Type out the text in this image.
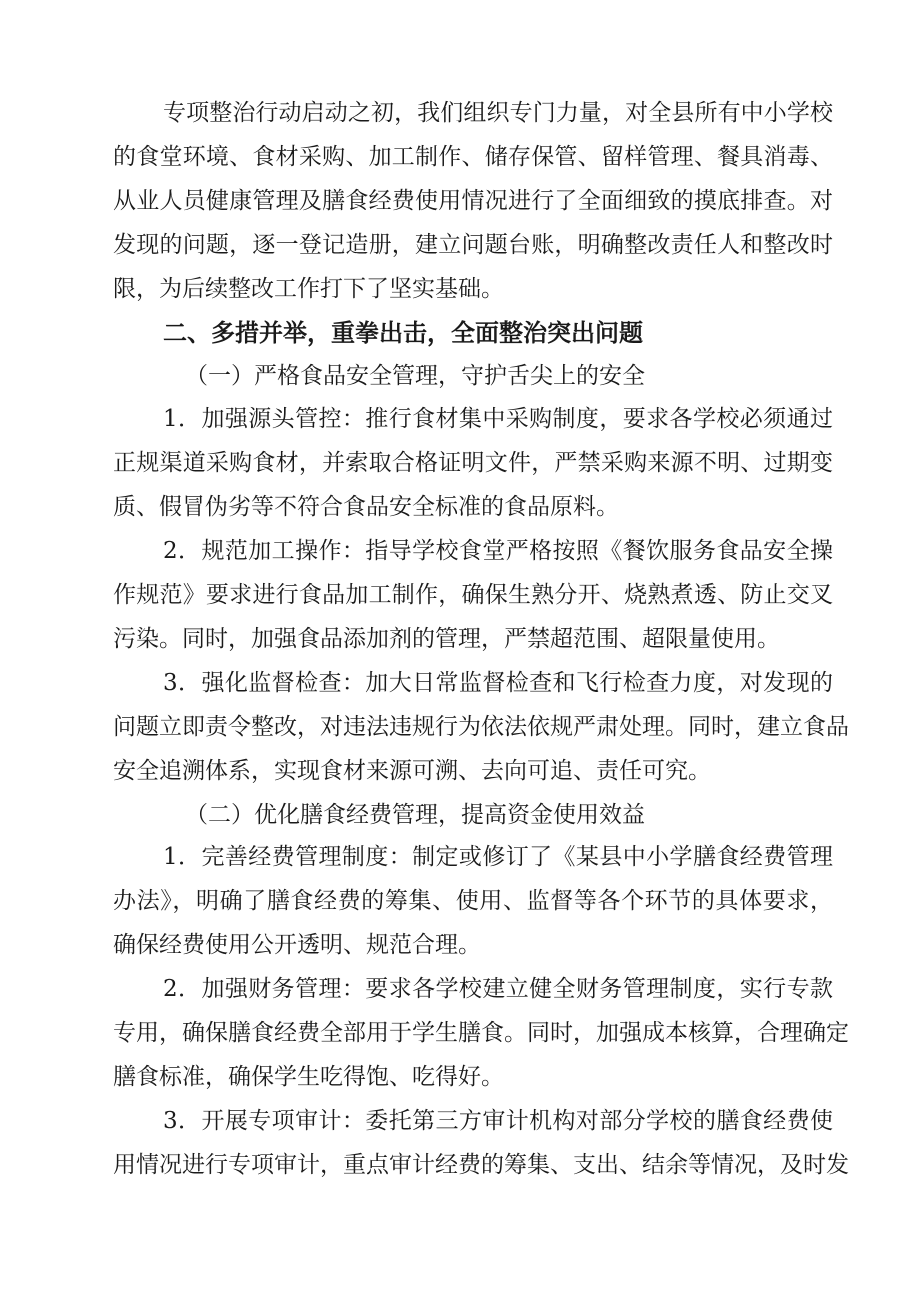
专项整治行动启动之初，我们组织专门力量，对全县所有中小学校
的食堂环境、食材采购、加工制作、储存保管、留样管理、餐具消毒、
从业人员健康管理及膳食经费使用情况进行了全面细致的摸底排查。对
发现的问题，逐一登记造册，建立问题台账，明确整改责任人和整改时
限，为后续整改工作打下了坚实基础。
二、多措并举，重拳出击，全面整治突出问题
（一）严格食品安全管理，守护舌尖上的安全
1．加强源头管控：推行食材集中采购制度，要求各学校必须通过
正规渠道采购食材，并索取合格证明文件，严禁采购来源不明、过期变
质、假冒伪劣等不符合食品安全标准的食品原料。
2．规范加工操作：指导学校食堂严格按照《餐饮服务食品安全操
作规范》要求进行食品加工制作，确保生熟分开、烧熟煮透、防止交叉
污染。同时，加强食品添加剂的管理，严禁超范围、超限量使用。
3．强化监督检查：加大日常监督检查和飞行检查力度，对发现的
问题立即责令整改，对违法违规行为依法依规严肃处理。同时，建立食品
安全追溯体系，实现食材来源可溯、去向可追、责任可究。
（二）优化膳食经费管理，提高资金使用效益
1．完善经费管理制度：制定或修订了《某县中小学膳食经费管理
办法》，明确了膳食经费的筹集、使用、监督等各个环节的具体要求，
确保经费使用公开透明、规范合理。
2．加强财务管理：要求各学校建立健全财务管理制度，实行专款
专用，确保膳食经费全部用于学生膳食。同时，加强成本核算，合理确定
膳食标准，确保学生吃得饱、吃得好。
3．开展专项审计：委托第三方审计机构对部分学校的膳食经费使
用情况进行专项审计，重点审计经费的筹集、支出、结余等情况，及时发
